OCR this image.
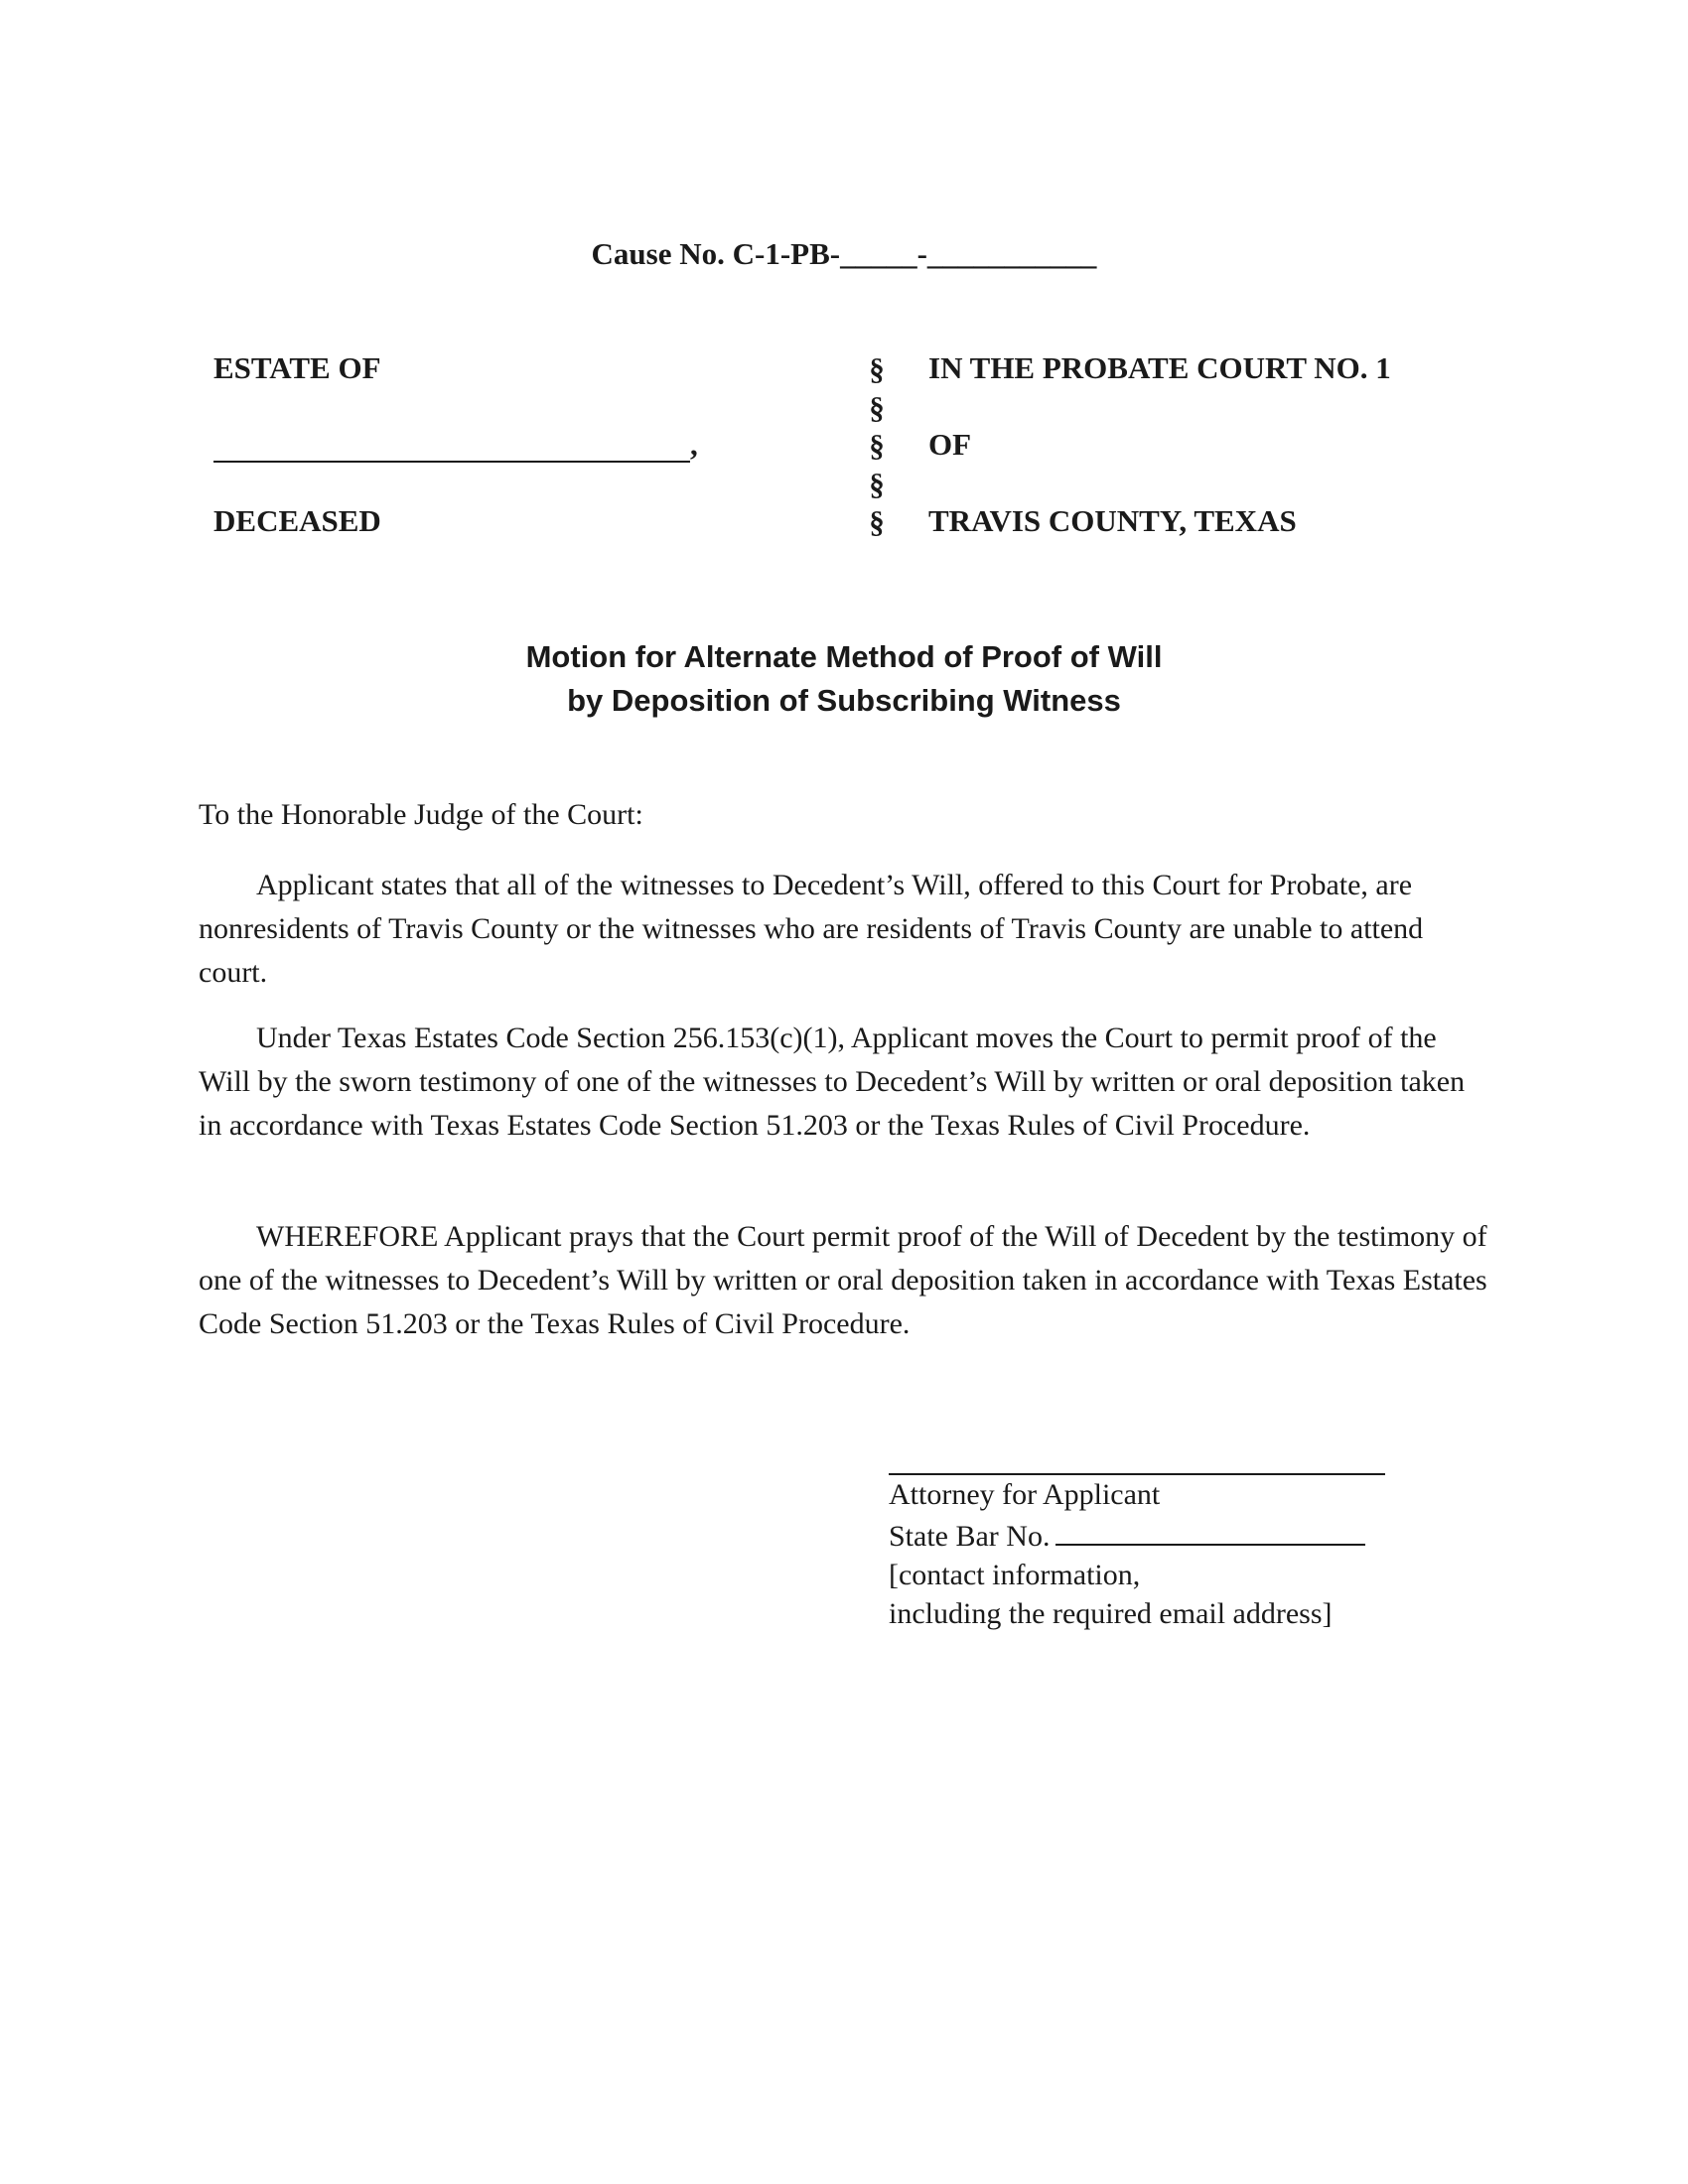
Cause No. C-1-PB-_____-___________
ESTATE OF
,
DECEASED
§
§
§
§
§
IN THE PROBATE COURT NO. 1
OF
TRAVIS COUNTY, TEXAS
Motion for Alternate Method of Proof of Will
by Deposition of Subscribing Witness
To the Honorable Judge of the Court:

Applicant states that all of the witnesses to Decedent’s Will, offered to this Court for Probate, are nonresidents of Travis County or the witnesses who are residents of Travis County are unable to attend court.

Under Texas Estates Code Section 256.153(c)(1), Applicant moves the Court to permit proof of the Will by the sworn testimony of one of the witnesses to Decedent’s Will by written or oral deposition taken in accordance with Texas Estates Code Section 51.203 or the Texas Rules of Civil Procedure.

WHEREFORE Applicant prays that the Court permit proof of the Will of Decedent by the testimony of one of the witnesses to Decedent’s Will by written or oral deposition taken in accordance with Texas Estates Code Section 51.203 or the Texas Rules of Civil Procedure.

Attorney for Applicant
State Bar No.
[contact information,
including the required email address]
